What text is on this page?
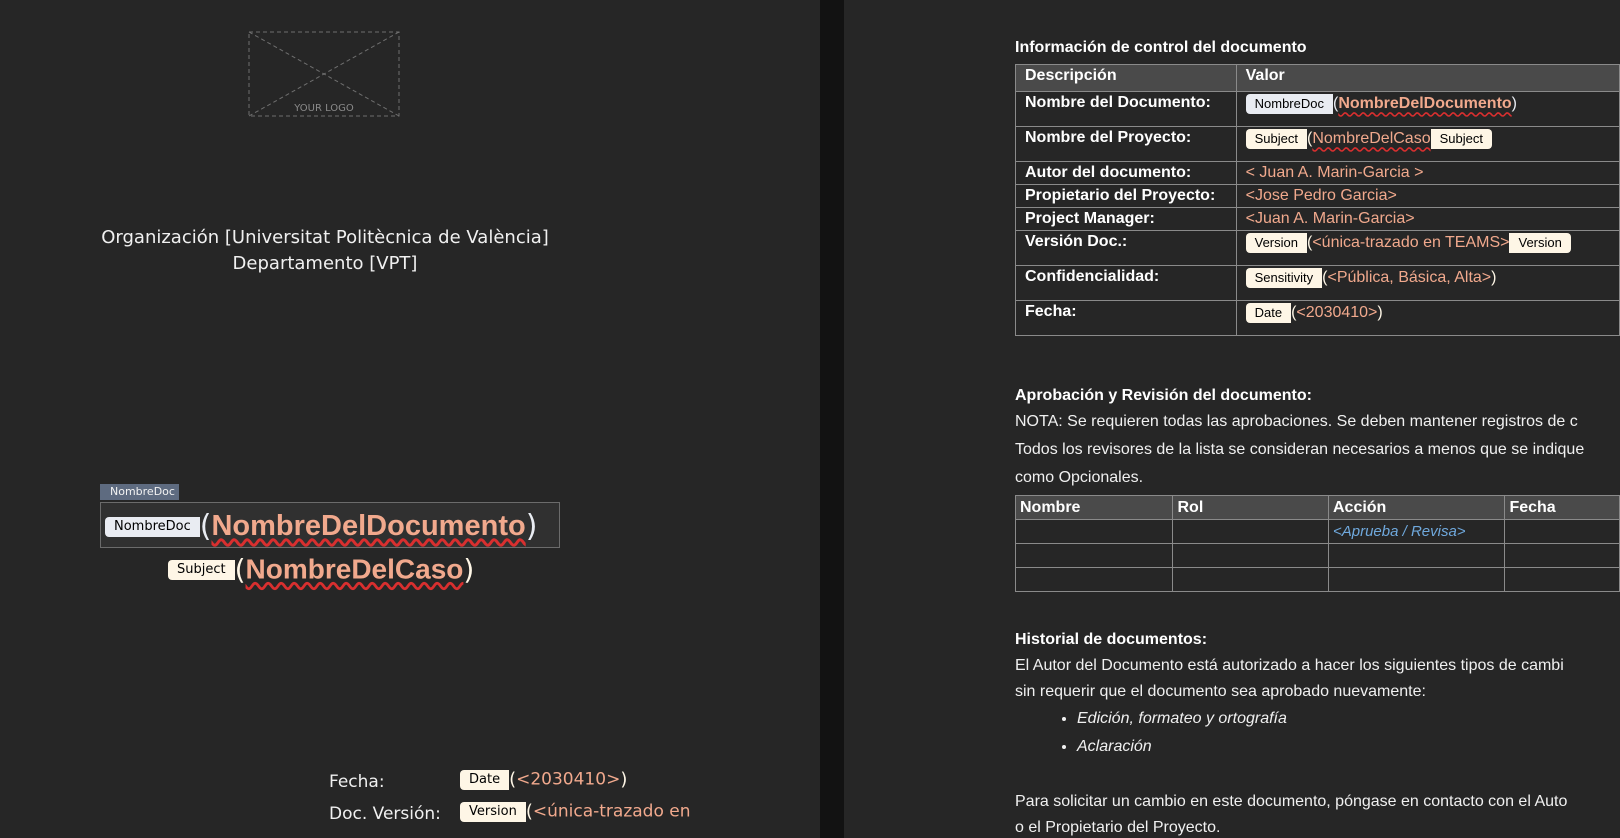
YOUR LOGO
Organización [Universitat Politècnica de València]
Departamento [VPT]
NombreDoc
NombreDoc (NombreDelDocumento)
Subject (NombreDelCaso)
Fecha:	Date (<2030410>)
Doc. Versión:	Version (<única-trazado en
Información de control del documento
Descripción	Valor
Nombre del Documento:	NombreDoc (NombreDelDocumento)
Nombre del Proyecto:	Subject (NombreDelCaso Subject
Autor del documento:	< Juan A. Marin-Garcia >
Propietario del Proyecto:	<Jose Pedro Garcia>
Project Manager:	<Juan A. Marin-Garcia>
Versión Doc.:	Version (<única-trazado en TEAMS> Version
Confidencialidad:	Sensitivity (<Pública, Básica, Alta>)
Fecha:	Date (<2030410>)
Aprobación y Revisión del documento:
NOTA: Se requieren todas las aprobaciones. Se deben mantener registros de c
Todos los revisores de la lista se consideran necesarios a menos que se indique
como Opcionales.
Nombre	Rol	Acción	Fecha
		<Aprueba / Revisa>	

Historial de documentos:
El Autor del Documento está autorizado a hacer los siguientes tipos de cambi
sin requerir que el documento sea aprobado nuevamente:
• Edición, formateo y ortografía
• Aclaración
Para solicitar un cambio en este documento, póngase en contacto con el Auto
o el Propietario del Proyecto.
